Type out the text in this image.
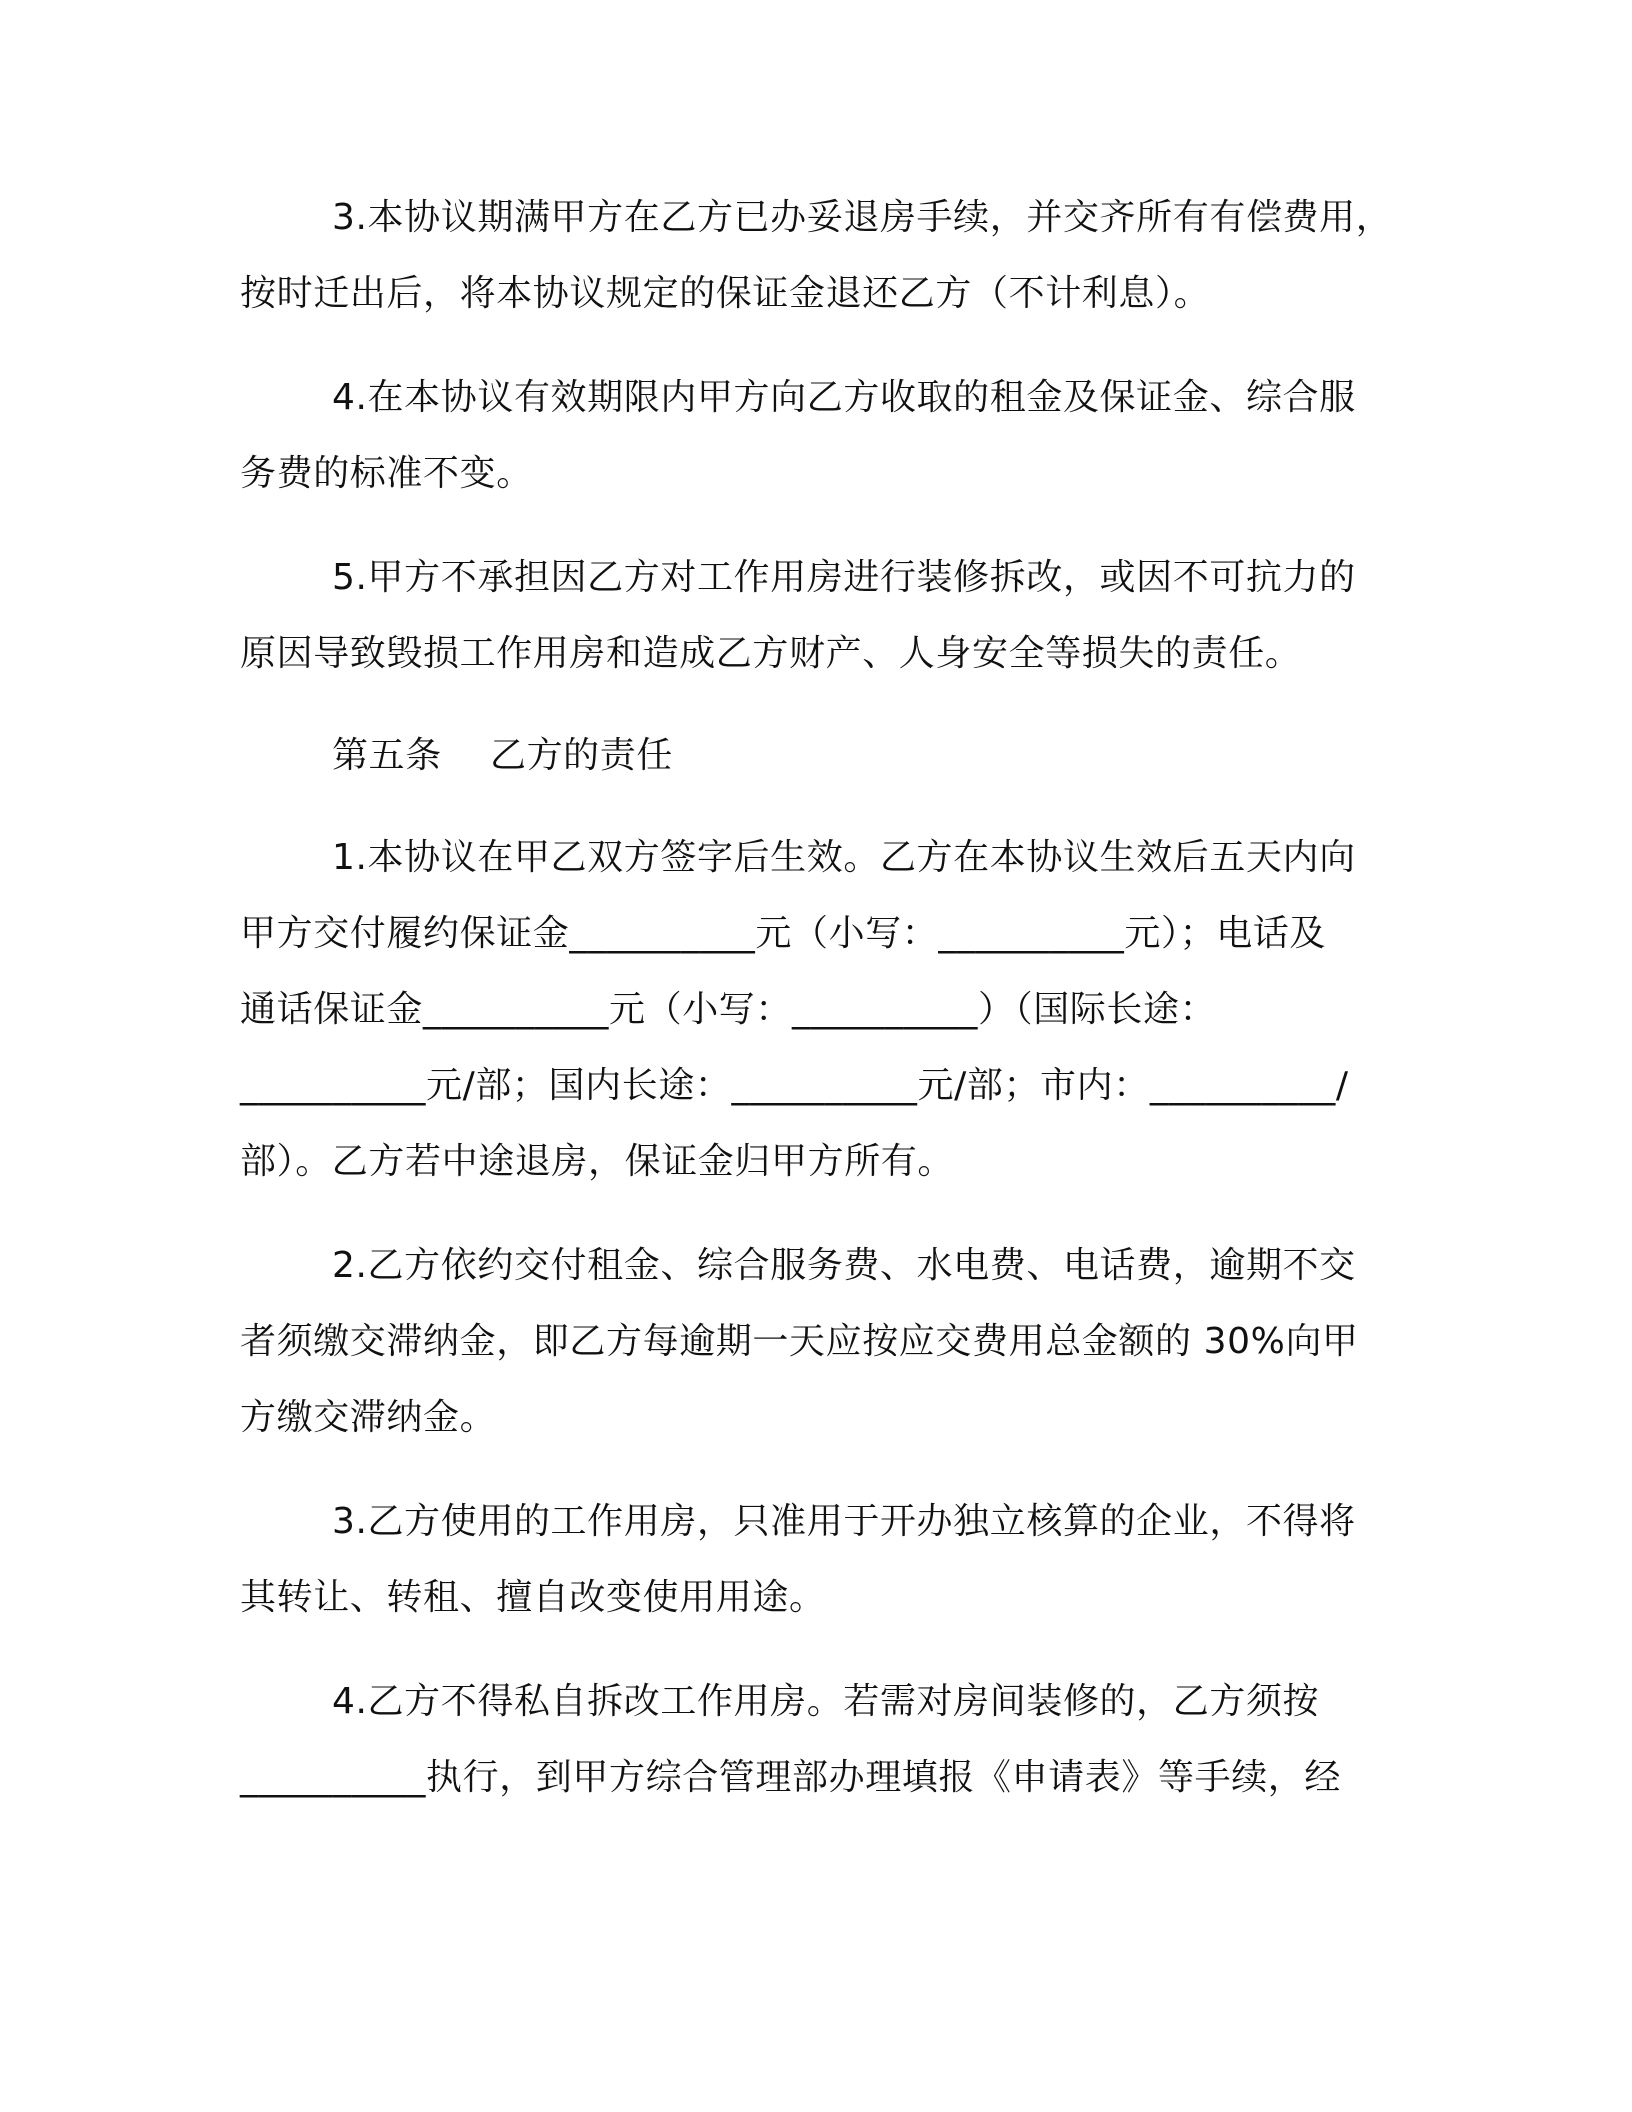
3.本协议期满甲方在乙方已办妥退房手续，并交齐所有有偿费用，
按时迁出后，将本协议规定的保证金退还乙方（不计利息）。
4.在本协议有效期限内甲方向乙方收取的租金及保证金、综合服
务费的标准不变。
5.甲方不承担因乙方对工作用房进行装修拆改，或因不可抗力的
原因导致毁损工作用房和造成乙方财产、人身安全等损失的责任。
第五条    乙方的责任
1.本协议在甲乙双方签字后生效。乙方在本协议生效后五天内向
甲方交付履约保证金__________元（小写：__________元）；电话及
通话保证金__________元（小写：__________）（国际长途：
__________元/部；国内长途：__________元/部；市内：__________/
部）。乙方若中途退房，保证金归甲方所有。
2.乙方依约交付租金、综合服务费、水电费、电话费，逾期不交
者须缴交滞纳金，即乙方每逾期一天应按应交费用总金额的 30%向甲
方缴交滞纳金。
3.乙方使用的工作用房，只准用于开办独立核算的企业，不得将
其转让、转租、擅自改变使用用途。
4.乙方不得私自拆改工作用房。若需对房间装修的，乙方须按
__________执行，到甲方综合管理部办理填报《申请表》等手续，经
